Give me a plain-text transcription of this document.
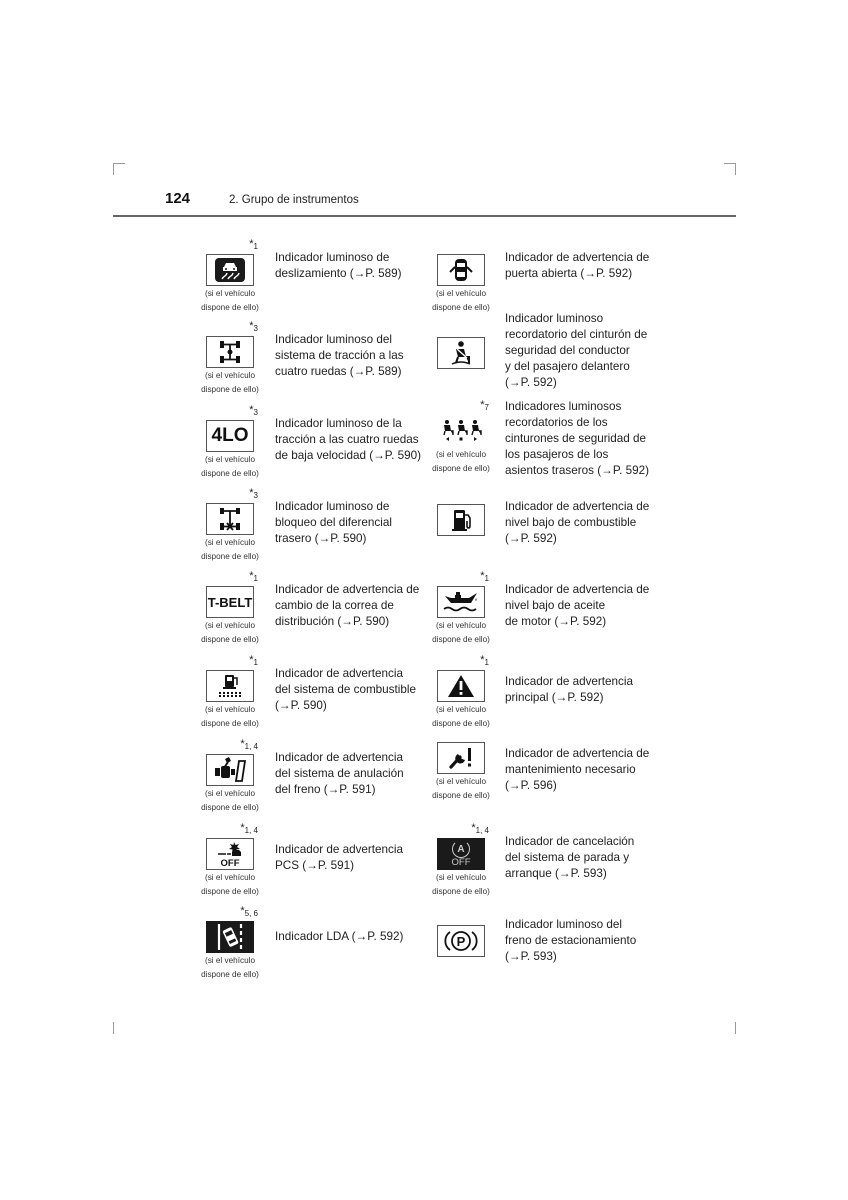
124	2. Grupo de instrumentos
$*_1$
(si el vehículo
dispone de ello)
Indicador luminoso de
deslizamiento (→P. 589)
$*_3$
(si el vehículo
dispone de ello)
Indicador luminoso del
sistema de tracción a las
cuatro ruedas (→P. 589)
$*_3$
4LO
(si el vehículo
dispone de ello)
Indicador luminoso de la
tracción a las cuatro ruedas
de baja velocidad (→P. 590)
$*_3$
(si el vehículo
dispone de ello)
Indicador luminoso de
bloqueo del diferencial
trasero (→P. 590)
$*_1$
T-BELT
(si el vehículo
dispone de ello)
Indicador de advertencia de
cambio de la correa de
distribución (→P. 590)
$*_1$
(si el vehículo
dispone de ello)
Indicador de advertencia
del sistema de combustible
(→P. 590)
$*_{1, 4}$
(si el vehículo
dispone de ello)
Indicador de advertencia
del sistema de anulación
del freno (→P. 591)
$*_{1, 4}$
OFF
(si el vehículo
dispone de ello)
Indicador de advertencia
PCS (→P. 591)
$*_{5, 6}$
(si el vehículo
dispone de ello)
Indicador LDA (→P. 592)
(si el vehículo
dispone de ello)
Indicador de advertencia de
puerta abierta (→P. 592)
Indicador luminoso
recordatorio del cinturón de
seguridad del conductor
y del pasajero delantero
(→P. 592)
$*_7$
(si el vehículo
dispone de ello)
Indicadores luminosos
recordatorios de los
cinturones de seguridad de
los pasajeros de los
asientos traseros (→P. 592)
Indicador de advertencia de
nivel bajo de combustible
(→P. 592)
$*_1$
(si el vehículo
dispone de ello)
Indicador de advertencia de
nivel bajo de aceite
de motor (→P. 592)
$*_1$
(si el vehículo
dispone de ello)
Indicador de advertencia
principal (→P. 592)
(si el vehículo
dispone de ello)
Indicador de advertencia de
mantenimiento necesario
(→P. 596)
$*_{1, 4}$
A
OFF
(si el vehículo
dispone de ello)
Indicador de cancelación
del sistema de parada y
arranque (→P. 593)
P
Indicador luminoso del
freno de estacionamiento
(→P. 593)
